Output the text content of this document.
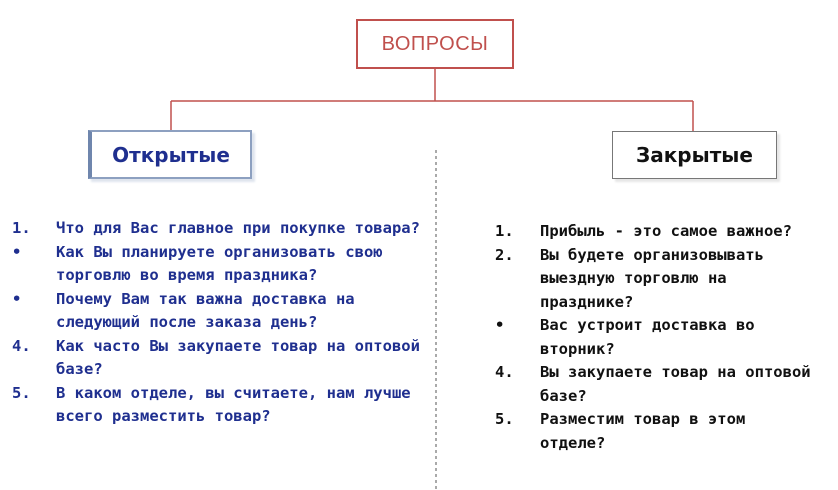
ВОПРОСЫ
Открытые	Закрытые
1. Что для Вас главное при покупке товара?
• Как Вы планируете организовать свою торговлю во время праздника?
• Почему Вам так важна доставка на следующий после заказа день?
4. Как часто Вы закупаете товар на оптовой базе?
5. В каком отделе, вы считаете, нам лучше всего разместить товар?
1. Прибыль - это самое важное?
2. Вы будете организовывать выездную торговлю на празднике?
• Вас устроит доставка во вторник?
4. Вы закупаете товар на оптовой базе?
5. Разместим товар в этом отделе?
